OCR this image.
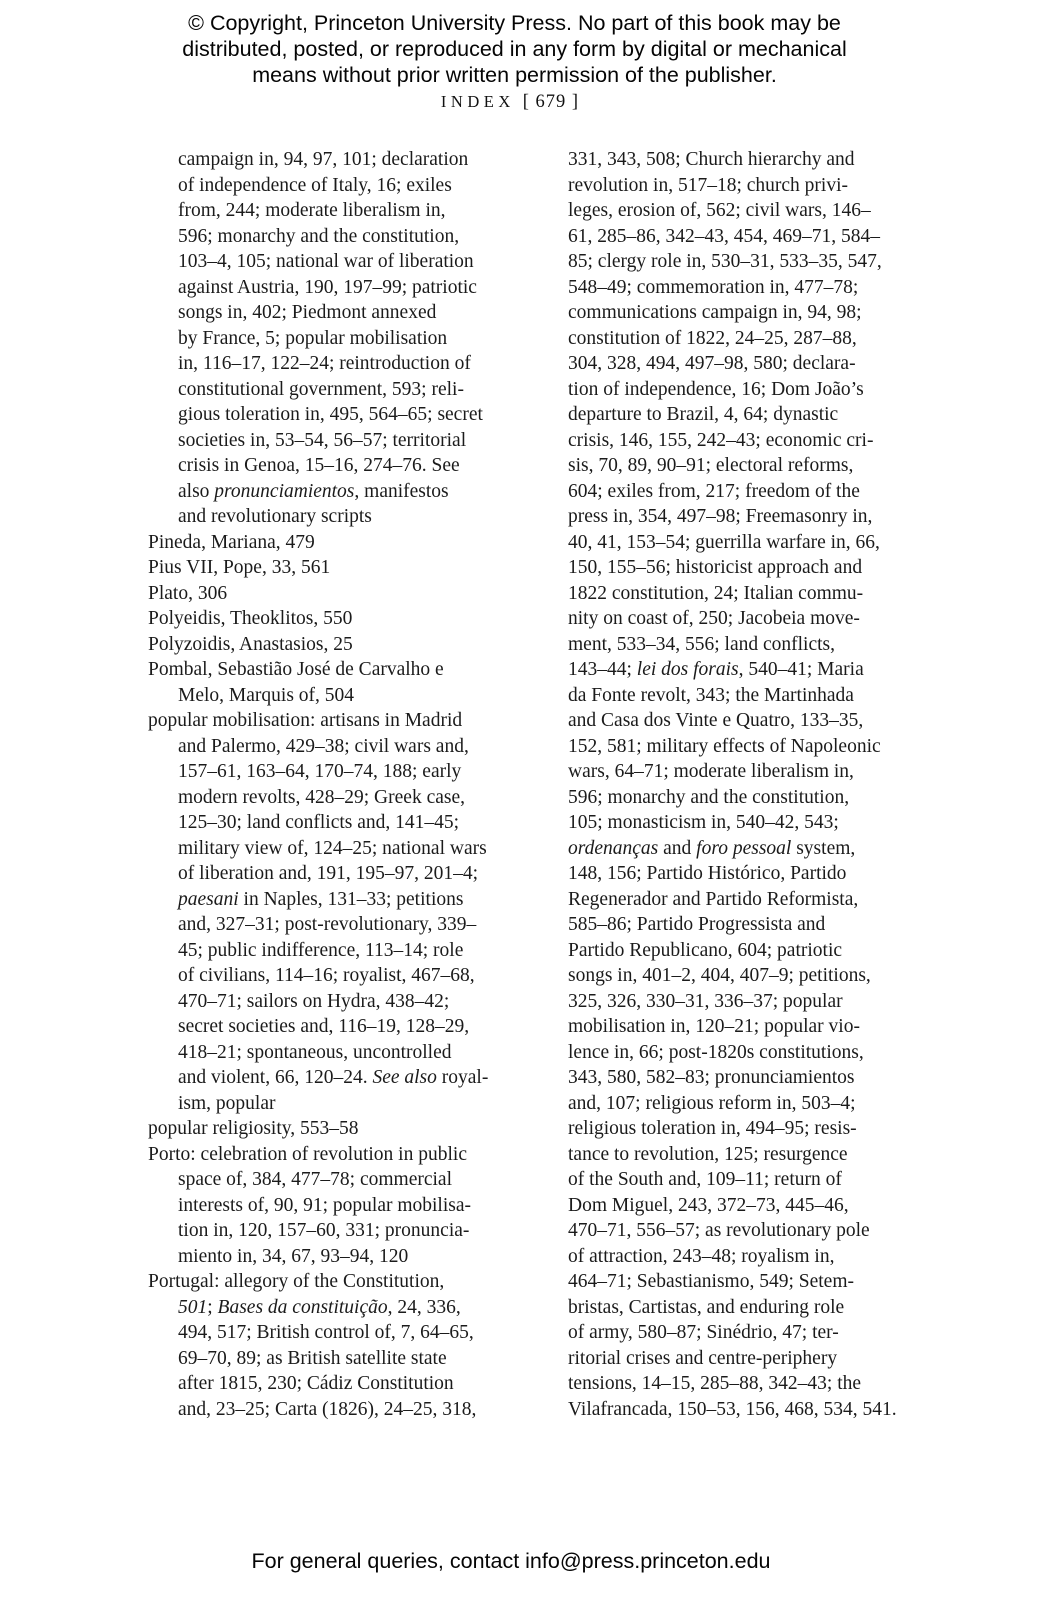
© Copyright, Princeton University Press. No part of this book may be
distributed, posted, or reproduced in any form by digital or mechanical
means without prior written permission of the publisher.
INDEX [ 679 ]
campaign in, 94, 97, 101; declaration
of independence of Italy, 16; exiles
from, 244; moderate liberalism in,
596; monarchy and the constitution,
103–4, 105; national war of liberation
against Austria, 190, 197–99; patriotic
songs in, 402; Piedmont annexed
by France, 5; popular mobilisation
in, 116–17, 122–24; reintroduction of
constitutional government, 593; reli-
gious toleration in, 495, 564–65; secret
societies in, 53–54, 56–57; territorial
crisis in Genoa, 15–16, 274–76. See
also pronunciamientos, manifestos
and revolutionary scripts
Pineda, Mariana, 479
Pius VII, Pope, 33, 561
Plato, 306
Polyeidis, Theoklitos, 550
Polyzoidis, Anastasios, 25
Pombal, Sebastião José de Carvalho e
Melo, Marquis of, 504
popular mobilisation: artisans in Madrid
and Palermo, 429–38; civil wars and,
157–61, 163–64, 170–74, 188; early
modern revolts, 428–29; Greek case,
125–30; land conflicts and, 141–45;
military view of, 124–25; national wars
of liberation and, 191, 195–97, 201–4;
paesani in Naples, 131–33; petitions
and, 327–31; post-revolutionary, 339–
45; public indifference, 113–14; role
of civilians, 114–16; royalist, 467–68,
470–71; sailors on Hydra, 438–42;
secret societies and, 116–19, 128–29,
418–21; spontaneous, uncontrolled
and violent, 66, 120–24. See also royal-
ism, popular
popular religiosity, 553–58
Porto: celebration of revolution in public
space of, 384, 477–78; commercial
interests of, 90, 91; popular mobilisa-
tion in, 120, 157–60, 331; pronuncia-
miento in, 34, 67, 93–94, 120
Portugal: allegory of the Constitution,
501; Bases da constituição, 24, 336,
494, 517; British control of, 7, 64–65,
69–70, 89; as British satellite state
after 1815, 230; Cádiz Constitution
and, 23–25; Carta (1826), 24–25, 318,
331, 343, 508; Church hierarchy and
revolution in, 517–18; church privi-
leges, erosion of, 562; civil wars, 146–
61, 285–86, 342–43, 454, 469–71, 584–
85; clergy role in, 530–31, 533–35, 547,
548–49; commemoration in, 477–78;
communications campaign in, 94, 98;
constitution of 1822, 24–25, 287–88,
304, 328, 494, 497–98, 580; declara-
tion of independence, 16; Dom João’s
departure to Brazil, 4, 64; dynastic
crisis, 146, 155, 242–43; economic cri-
sis, 70, 89, 90–91; electoral reforms,
604; exiles from, 217; freedom of the
press in, 354, 497–98; Freemasonry in,
40, 41, 153–54; guerrilla warfare in, 66,
150, 155–56; historicist approach and
1822 constitution, 24; Italian commu-
nity on coast of, 250; Jacobeia move-
ment, 533–34, 556; land conflicts,
143–44; lei dos forais, 540–41; Maria
da Fonte revolt, 343; the Martinhada
and Casa dos Vinte e Quatro, 133–35,
152, 581; military effects of Napoleonic
wars, 64–71; moderate liberalism in,
596; monarchy and the constitution,
105; monasticism in, 540–42, 543;
ordenanças and foro pessoal system,
148, 156; Partido Histórico, Partido
Regenerador and Partido Reformista,
585–86; Partido Progressista and
Partido Republicano, 604; patriotic
songs in, 401–2, 404, 407–9; petitions,
325, 326, 330–31, 336–37; popular
mobilisation in, 120–21; popular vio-
lence in, 66; post-1820s constitutions,
343, 580, 582–83; pronunciamientos
and, 107; religious reform in, 503–4;
religious toleration in, 494–95; resis-
tance to revolution, 125; resurgence
of the South and, 109–11; return of
Dom Miguel, 243, 372–73, 445–46,
470–71, 556–57; as revolutionary pole
of attraction, 243–48; royalism in,
464–71; Sebastianismo, 549; Setem-
bristas, Cartistas, and enduring role
of army, 580–87; Sinédrio, 47; ter-
ritorial crises and centre-periphery
tensions, 14–15, 285–88, 342–43; the
Vilafrancada, 150–53, 156, 468, 534, 541.
For general queries, contact info@press.princeton.edu
